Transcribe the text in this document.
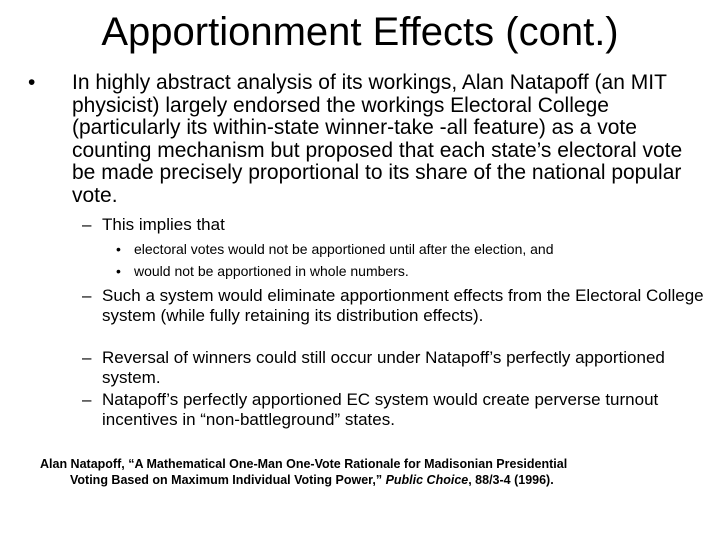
Apportionment Effects (cont.)
• In highly abstract analysis of its workings, Alan Natapoff (an MIT physicist) largely endorsed the workings Electoral College (particularly its within-state winner-take -all feature) as a vote counting mechanism but proposed that each state’s electoral vote be made precisely proportional to its share of the national popular vote.
– This implies that
• electoral votes would not be apportioned until after the election, and
• would not be apportioned in whole numbers.
– Such a system would eliminate apportionment effects from the Electoral College system (while fully retaining its distribution effects).
– Reversal of winners could still occur under Natapoff’s perfectly apportioned system.
– Natapoff’s perfectly apportioned EC system would create perverse turnout incentives in “non-battleground” states.
Alan Natapoff, “A Mathematical One-Man One-Vote Rationale for Madisonian Presidential
Voting Based on Maximum Individual Voting Power,” Public Choice, 88/3-4 (1996).
